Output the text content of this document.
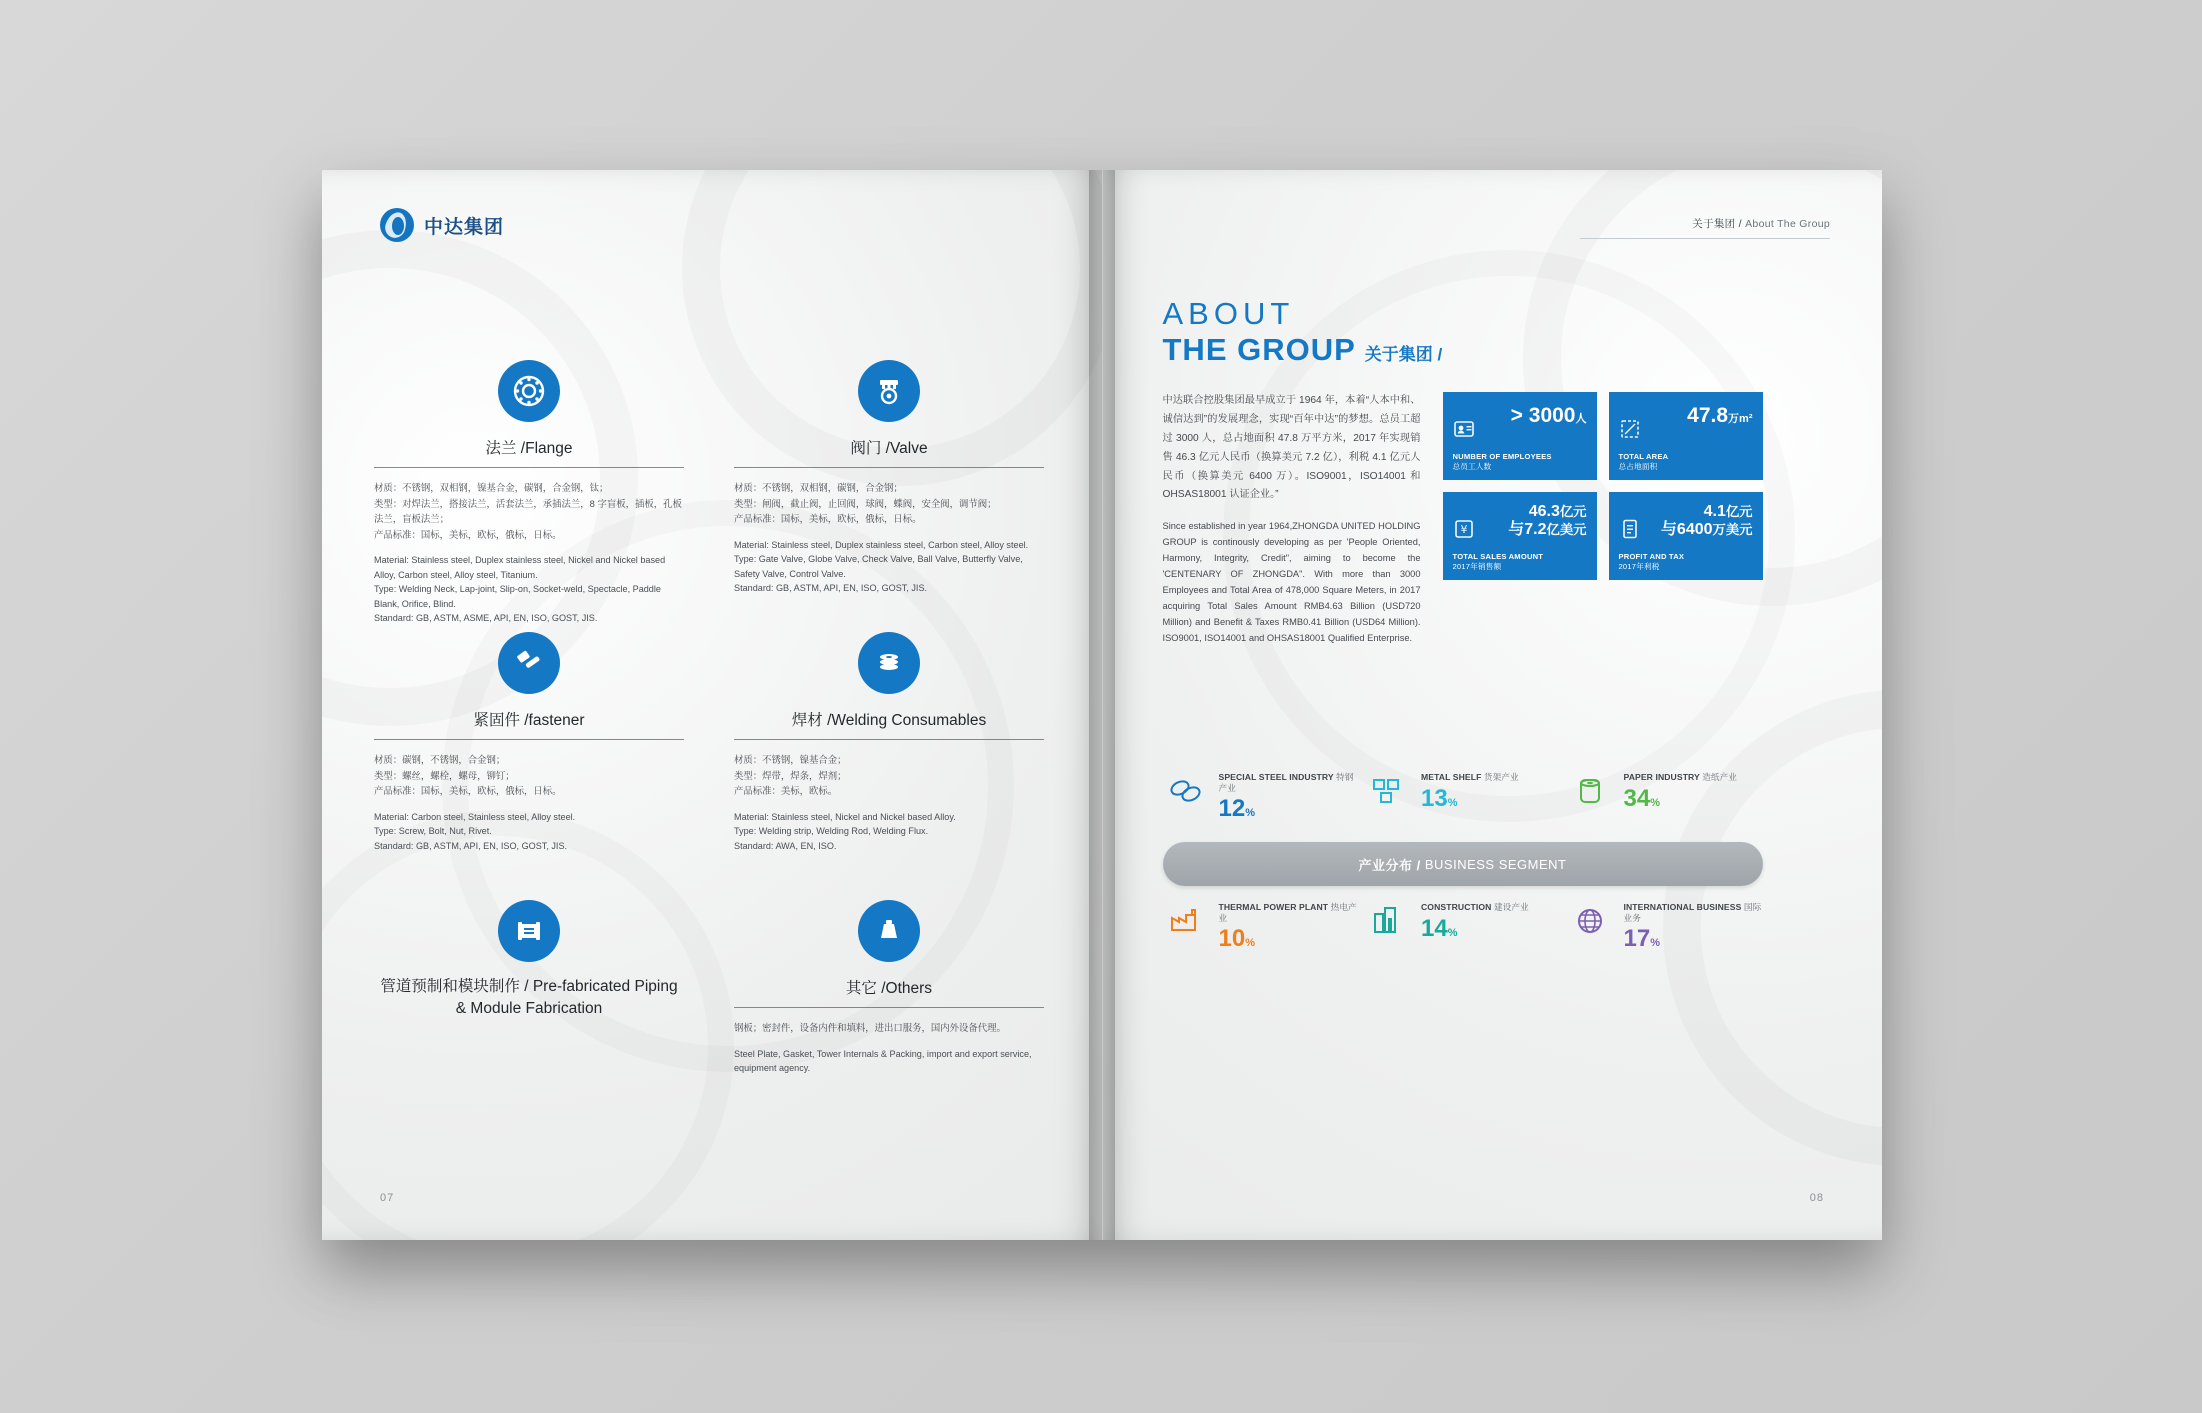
中达集团
法兰 /Flange
材质：不锈钢，双相钢，镍基合金，碳钢，合金钢，钛；
类型：对焊法兰，搭接法兰，活套法兰，承插法兰，8 字盲板，插板，孔板法兰，盲板法兰；
产品标准：国标，美标，欧标，俄标，日标。
Material: Stainless steel, Duplex stainless steel, Nickel and Nickel based Alloy, Carbon steel, Alloy steel, Titanium.
Type: Welding Neck, Lap-joint, Slip-on, Socket-weld, Spectacle, Paddle Blank, Orifice, Blind.
Standard: GB, ASTM, ASME, API, EN, ISO, GOST, JIS.
紧固件 /fastener
材质：碳钢，不锈钢，合金钢；
类型：螺丝，螺栓，螺母，铆钉；
产品标准：国标，美标，欧标，俄标，日标。
Material: Carbon steel, Stainless steel, Alloy steel.
Type: Screw, Bolt, Nut, Rivet.
Standard: GB, ASTM, API, EN, ISO, GOST, JIS.
管道预制和模块制作 / Pre-fabricated Piping & Module Fabrication
阀门 /Valve
材质：不锈钢，双相钢，碳钢，合金钢；
类型：闸阀，截止阀，止回阀，球阀，蝶阀，安全阀，调节阀；
产品标准：国标，美标，欧标，俄标，日标。
Material: Stainless steel, Duplex stainless steel, Carbon steel, Alloy steel.
Type: Gate Valve, Globe Valve, Check Valve, Ball Valve, Butterfly Valve, Safety Valve, Control Valve.
Standard: GB, ASTM, API, EN, ISO, GOST, JIS.
焊材 /Welding Consumables
材质：不锈钢，镍基合金；
类型：焊带，焊条，焊剂；
产品标准：美标，欧标。
Material: Stainless steel, Nickel and Nickel based Alloy.
Type: Welding strip, Welding Rod, Welding Flux.
Standard: AWA, EN, ISO.
其它 /Others
钢板；密封件，设备内件和填料，进出口服务，国内外设备代理。
Steel Plate, Gasket, Tower Internals & Packing, import and export service, equipment agency.
07
关于集团 / About The Group
ABOUT
THE GROUP 关于集团 /
中达联合控股集团最早成立于 1964 年，本着“人本中和、诚信达到”的发展理念，实现“百年中达”的梦想。总员工超过 3000 人，总占地面积 47.8 万平方米，2017 年实现销售 46.3 亿元人民币（换算美元 7.2 亿），利税 4.1 亿元人民币（换算美元 6400 万）。ISO9001，ISO14001 和 OHSAS18001 认证企业。”
Since established in year 1964,ZHONGDA UNITED HOLDING GROUP is continously developing as per 'People Oriented, Harmony, Integrity, Credit", aiming to become the 'CENTENARY OF ZHONGDA". With more than 3000 Employees and Total Area of 478,000 Square Meters, in 2017 acquiring Total Sales Amount RMB4.63 Billion (USD720 Million) and Benefit & Taxes RMB0.41 Billion (USD64 Million). ISO9001, ISO14001 and OHSAS18001 Qualified Enterprise.
> 3000人
NUMBER OF EMPLOYEES
总员工人数
47.8万m²
TOTAL AREA
总占地面积
¥
46.3亿元
与7.2亿美元
TOTAL SALES AMOUNT
2017年销售额
4.1亿元
与6400万美元
PROFIT AND TAX
2017年利税
SPECIAL STEEL INDUSTRY 特钢产业
12%
METAL SHELF 货架产业
13%
PAPER INDUSTRY 造纸产业
34%
产业分布 /
BUSINESS SEGMENT
THERMAL POWER PLANT 热电产业
10%
CONSTRUCTION 建设产业
14%
INTERNATIONAL BUSINESS 国际业务
17%
08
